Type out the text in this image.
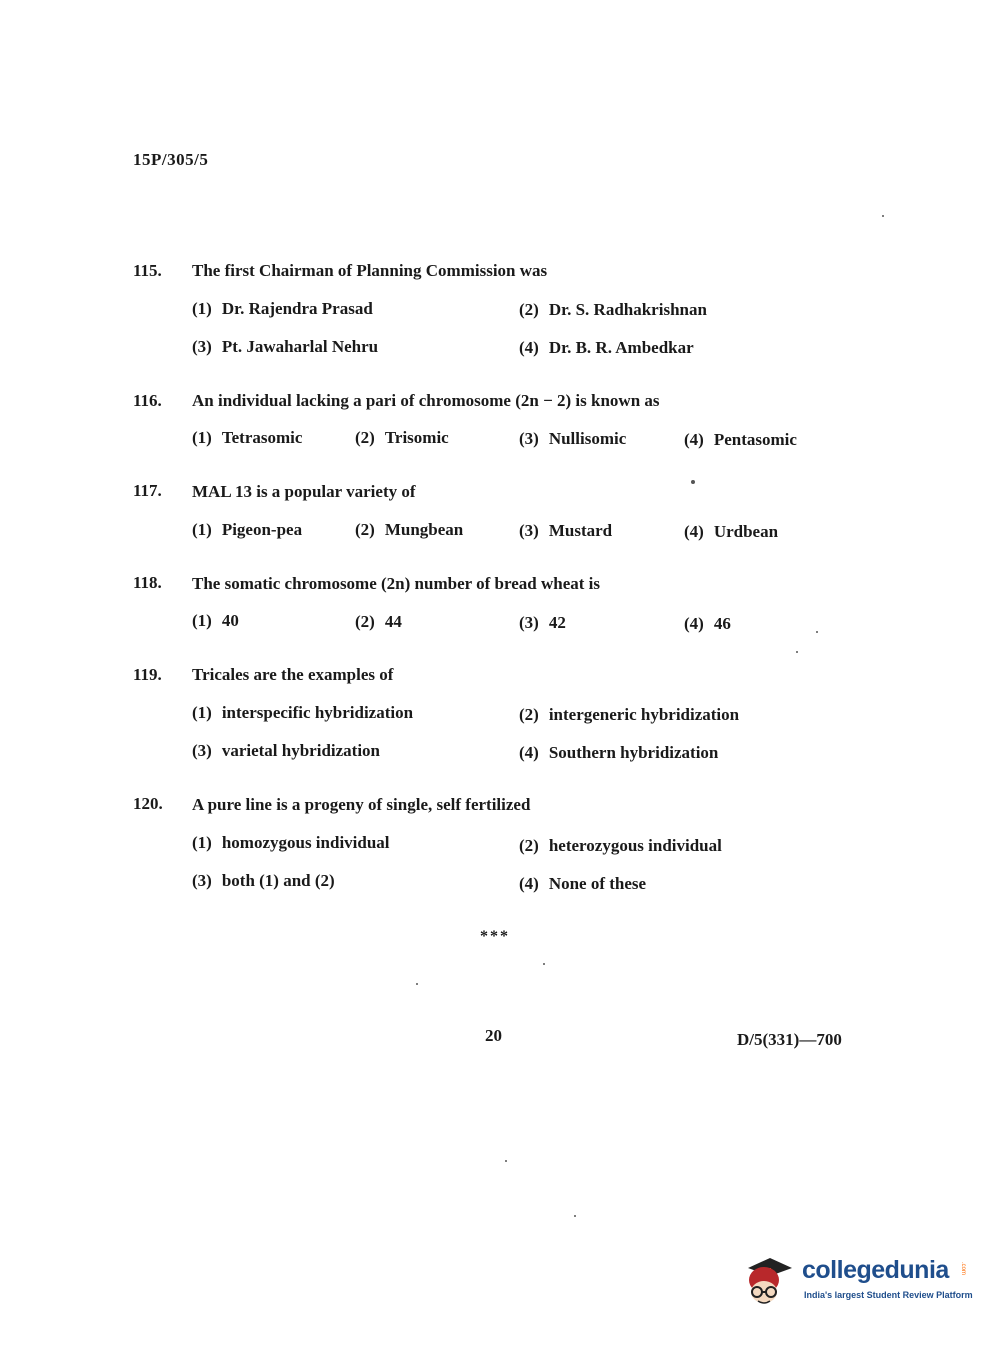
15P/305/5
115. The first Chairman of Planning Commission was
(1) Dr. Rajendra Prasad	(2) Dr. S. Radhakrishnan
(3) Pt. Jawaharlal Nehru	(4) Dr. B. R. Ambedkar
116. An individual lacking a pari of chromosome (2n − 2) is known as
(1) Tetrasomic	(2) Trisomic	(3) Nullisomic	(4) Pentasomic
117. MAL 13 is a popular variety of
(1) Pigeon-pea	(2) Mungbean	(3) Mustard	(4) Urdbean
118. The somatic chromosome (2n) number of bread wheat is
(1) 40	(2) 44	(3) 42	(4) 46
119. Tricales are the examples of
(1) interspecific hybridization	(2) intergeneric hybridization
(3) varietal hybridization	(4) Southern hybridization
120. A pure line is a progeny of single, self fertilized
(1) homozygous individual	(2) heterozygous individual
(3) both (1) and (2)	(4) None of these
***
20	D/5(331)—700
collegedunia .com
India's largest Student Review Platform
